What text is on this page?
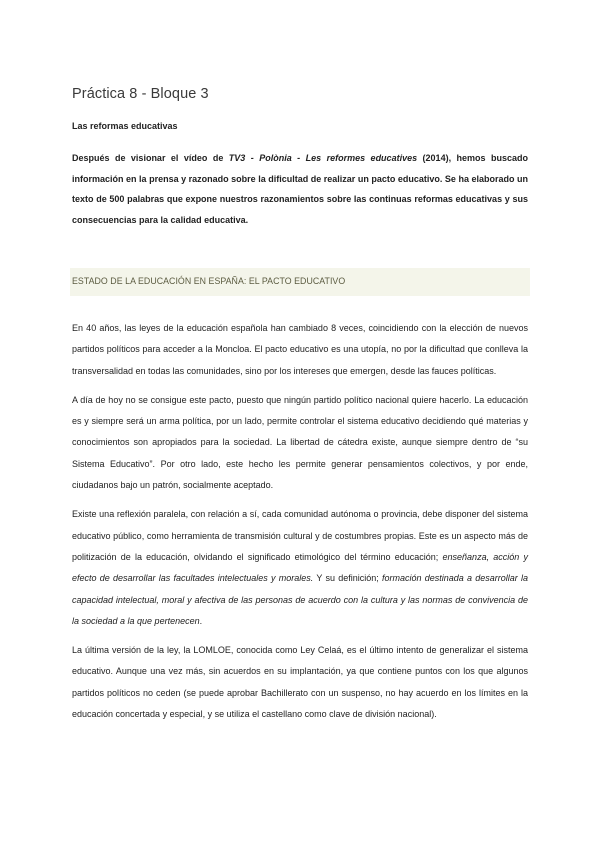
Práctica 8 - Bloque 3
Las reformas educativas

Después de visionar el vídeo de TV3 - Polònia - Les reformes educatives (2014), hemos buscado información en la prensa y razonado sobre la dificultad de realizar un pacto educativo. Se ha elaborado un texto de 500 palabras que expone nuestros razonamientos sobre las continuas reformas educativas y sus consecuencias para la calidad educativa.

ESTADO DE LA EDUCACIÓN EN ESPAÑA: EL PACTO EDUCATIVO

En 40 años, las leyes de la educación española han cambiado 8 veces, coincidiendo con la elección de nuevos partidos políticos para acceder a la Moncloa. El pacto educativo es una utopía, no por la dificultad que conlleva la transversalidad en todas las comunidades, sino por los intereses que emergen, desde las fauces políticas.

A día de hoy no se consigue este pacto, puesto que ningún partido político nacional quiere hacerlo. La educación es y siempre será un arma política, por un lado, permite controlar el sistema educativo decidiendo qué materias y conocimientos son apropiados para la sociedad. La libertad de cátedra existe, aunque siempre dentro de “su Sistema Educativo”. Por otro lado, este hecho les permite generar pensamientos colectivos, y por ende, ciudadanos bajo un patrón, socialmente aceptado.

Existe una reflexión paralela, con relación a sí, cada comunidad autónoma o provincia, debe disponer del sistema educativo público, como herramienta de transmisión cultural y de costumbres propias. Este es un aspecto más de politización de la educación, olvidando el significado etimológico del término educación; enseñanza, acción y efecto de desarrollar las facultades intelectuales y morales. Y su definición; formación destinada a desarrollar la capacidad intelectual, moral y afectiva de las personas de acuerdo con la cultura y las normas de convivencia de la sociedad a la que pertenecen.

La última versión de la ley, la LOMLOE, conocida como Ley Celaá, es el último intento de generalizar el sistema educativo. Aunque una vez más, sin acuerdos en su implantación, ya que contiene puntos con los que algunos partidos políticos no ceden (se puede aprobar Bachillerato con un suspenso, no hay acuerdo en los límites en la educación concertada y especial, y se utiliza el castellano como clave de división nacional).
